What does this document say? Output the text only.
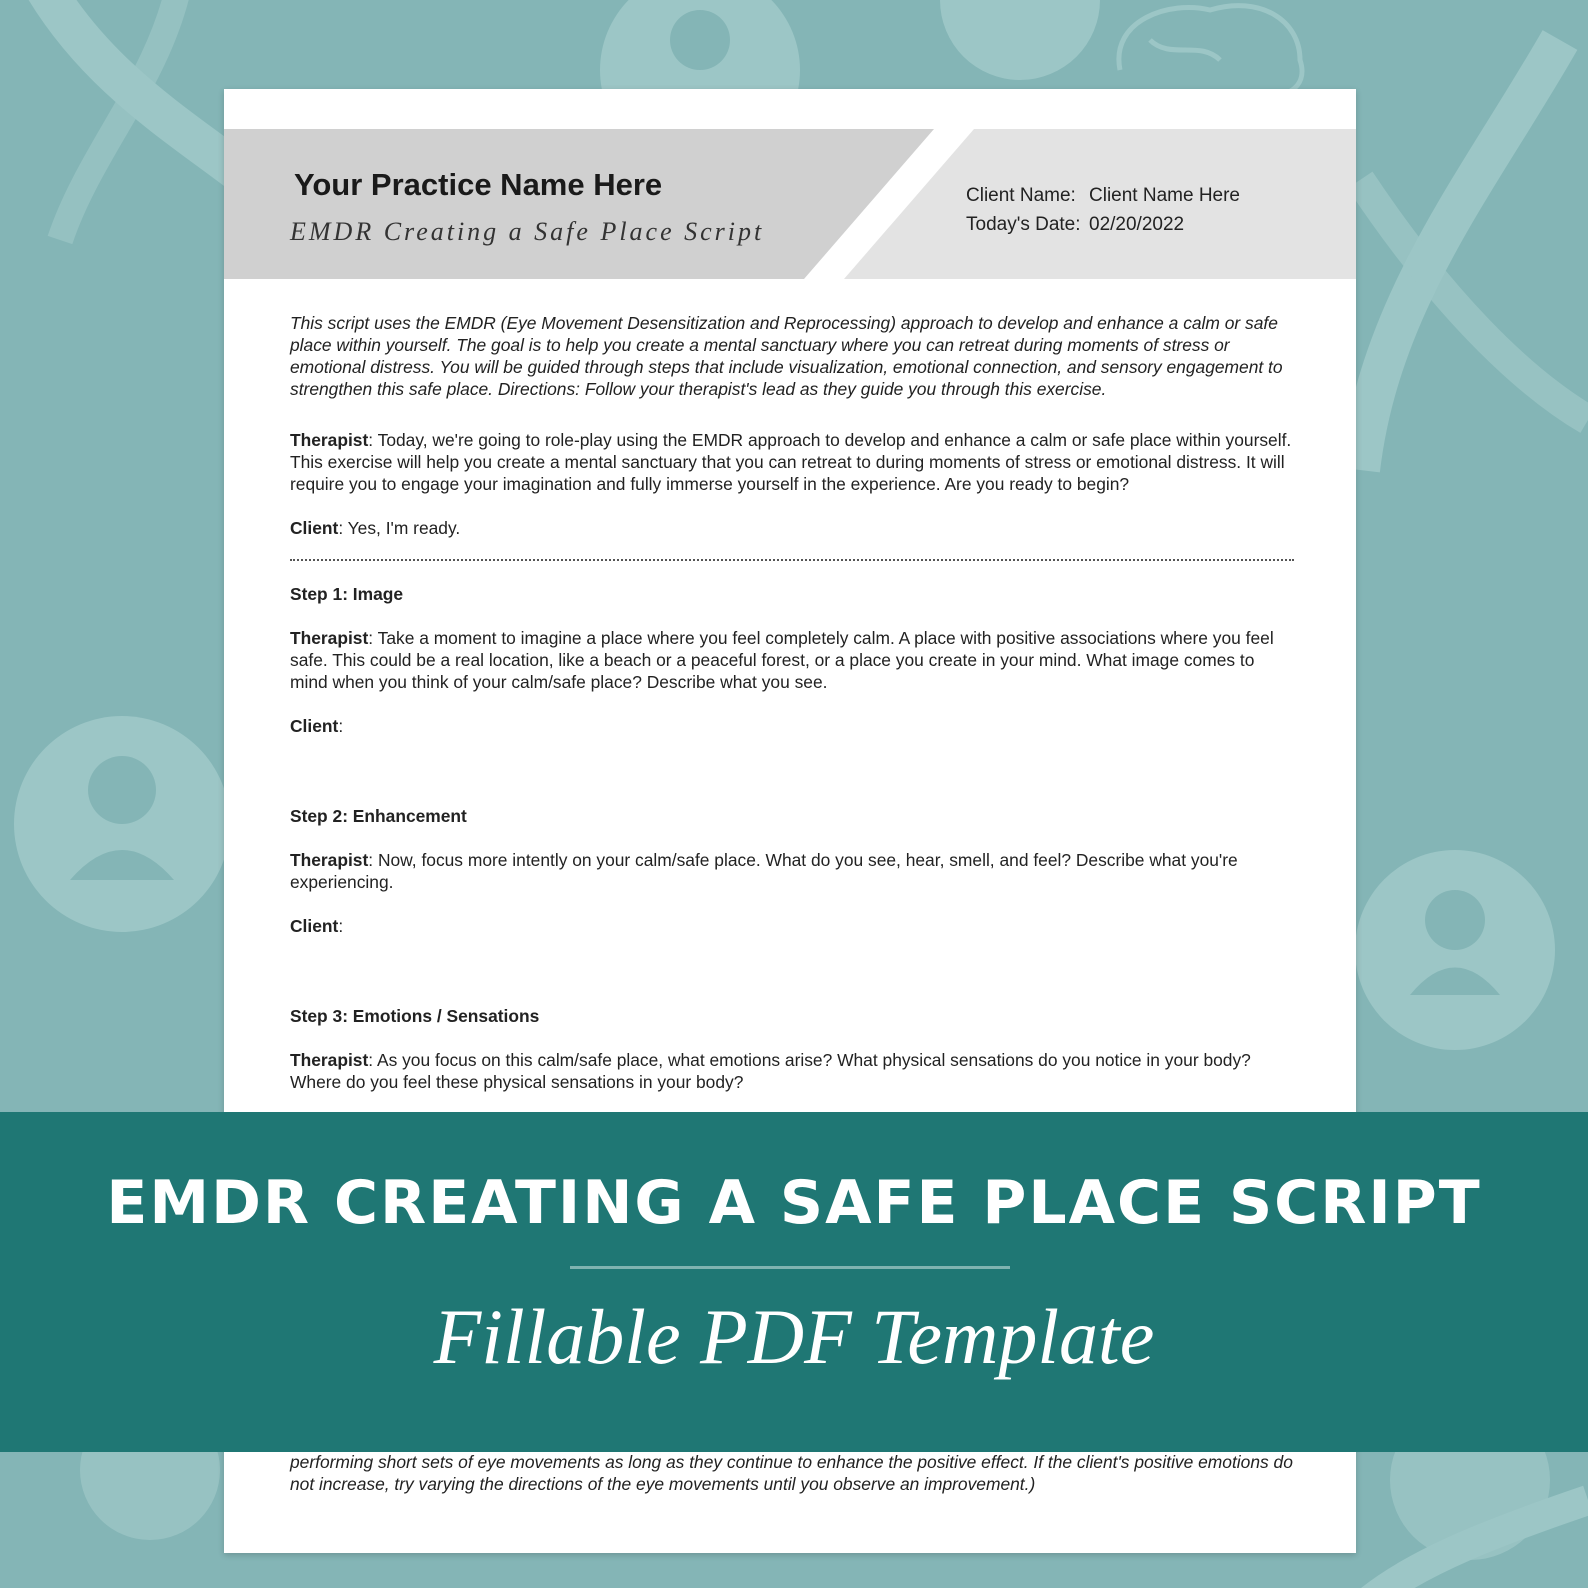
Your Practice Name Here
EMDR Creating a Safe Place Script
Client Name: Client Name Here
Today's Date: 02/20/2022
This script uses the EMDR (Eye Movement Desensitization and Reprocessing) approach to develop and enhance a calm or safe place within yourself. The goal is to help you create a mental sanctuary where you can retreat during moments of stress or emotional distress. You will be guided through steps that include visualization, emotional connection, and sensory engagement to strengthen this safe place. Directions: Follow your therapist's lead as they guide you through this exercise.
Therapist: Today, we're going to role-play using the EMDR approach to develop and enhance a calm or safe place within yourself. This exercise will help you create a mental sanctuary that you can retreat to during moments of stress or emotional distress. It will require you to engage your imagination and fully immerse yourself in the experience. Are you ready to begin?
Client: Yes, I'm ready.
Step 1: Image
Therapist: Take a moment to imagine a place where you feel completely calm. A place with positive associations where you feel safe. This could be a real location, like a beach or a peaceful forest, or a place you create in your mind. What image comes to mind when you think of your calm/safe place? Describe what you see.
Client:
Step 2: Enhancement
Therapist: Now, focus more intently on your calm/safe place. What do you see, hear, smell, and feel? Describe what you're experiencing.
Client:
Step 3: Emotions / Sensations
Therapist: As you focus on this calm/safe place, what emotions arise? What physical sensations do you notice in your body? Where do you feel these physical sensations in your body?
performing short sets of eye movements as long as they continue to enhance the positive effect. If the client's positive emotions do not increase, try varying the directions of the eye movements until you observe an improvement.)
EMDR CREATING A SAFE PLACE SCRIPT
Fillable PDF Template
